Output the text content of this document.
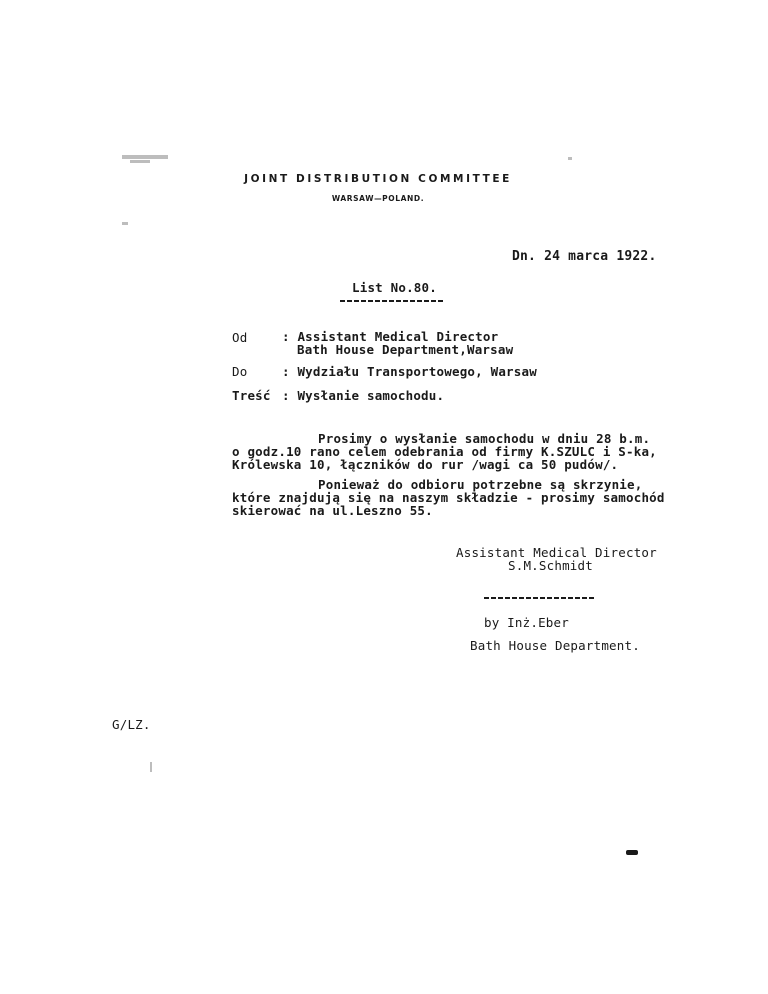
JOINT DISTRIBUTION COMMITTEE
WARSAW—POLAND.
Dn. 24 marca 1922.
List No.80.
Od	: Assistant Medical Director
Bath House Department,Warsaw
Do	: Wydziału Transportowego, Warsaw
Treść : Wysłanie samochodu.
Prosimy o wysłanie samochodu w dniu 28 b.m.
o godz.10 rano celem odebrania od firmy K.SZULC i S-ka,
Królewska 10, łączników do rur /wagi ca 50 pudów/.
Ponieważ do odbioru potrzebne są skrzynie,
które znajdują się na naszym składzie - prosimy samochód
skierować na ul.Leszno 55.
Assistant Medical Director
S.M.Schmidt
by Inż.Eber
Bath House Department.
G/LZ.
